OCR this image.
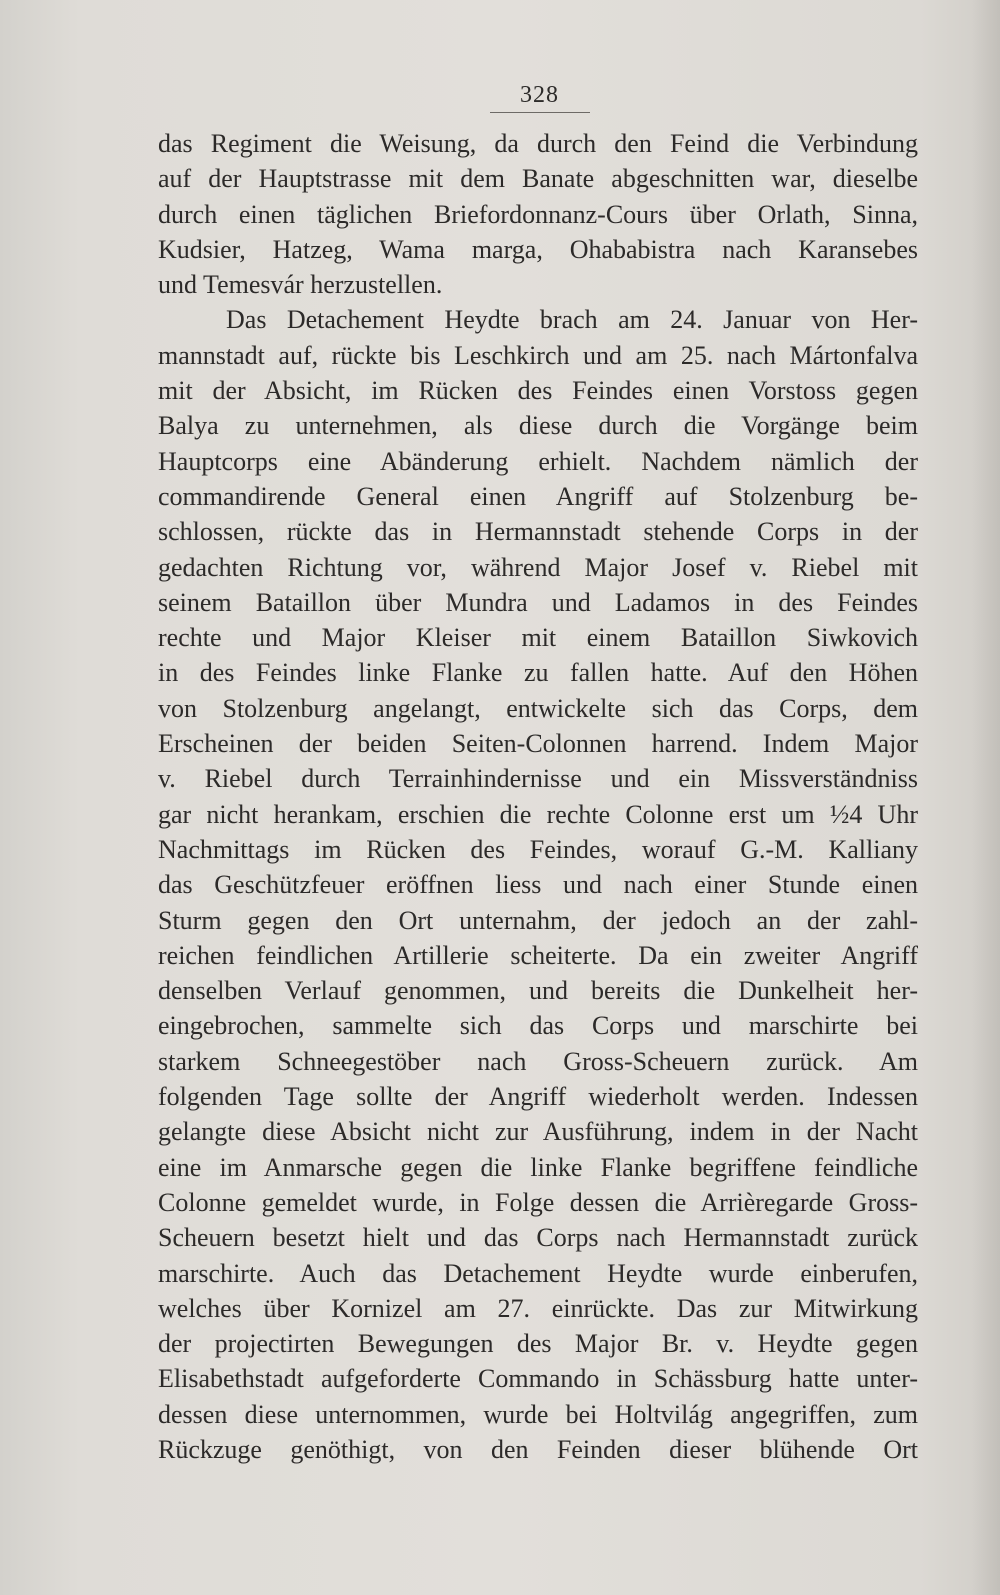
328
das Regiment die Weisung, da durch den Feind die Verbindung
auf der Hauptstrasse mit dem Banate abgeschnitten war, dieselbe
durch einen täglichen Briefordonnanz-Cours über Orlath, Sinna,
Kudsier, Hatzeg, Wama marga, Ohababistra nach Karansebes
und Temesvár herzustellen.
Das Detachement Heydte brach am 24. Januar von Her-
mannstadt auf, rückte bis Leschkirch und am 25. nach Mártonfalva
mit der Absicht, im Rücken des Feindes einen Vorstoss gegen
Balya zu unternehmen, als diese durch die Vorgänge beim
Hauptcorps eine Abänderung erhielt. Nachdem nämlich der
commandirende General einen Angriff auf Stolzenburg be-
schlossen, rückte das in Hermannstadt stehende Corps in der
gedachten Richtung vor, während Major Josef v. Riebel mit
seinem Bataillon über Mundra und Ladamos in des Feindes
rechte und Major Kleiser mit einem Bataillon Siwkovich
in des Feindes linke Flanke zu fallen hatte. Auf den Höhen
von Stolzenburg angelangt, entwickelte sich das Corps, dem
Erscheinen der beiden Seiten-Colonnen harrend. Indem Major
v. Riebel durch Terrainhindernisse und ein Missverständniss
gar nicht herankam, erschien die rechte Colonne erst um ½4 Uhr
Nachmittags im Rücken des Feindes, worauf G.-M. Kalliany
das Geschützfeuer eröffnen liess und nach einer Stunde einen
Sturm gegen den Ort unternahm, der jedoch an der zahl-
reichen feindlichen Artillerie scheiterte. Da ein zweiter Angriff
denselben Verlauf genommen, und bereits die Dunkelheit her-
eingebrochen, sammelte sich das Corps und marschirte bei
starkem Schneegestöber nach Gross-Scheuern zurück. Am
folgenden Tage sollte der Angriff wiederholt werden. Indessen
gelangte diese Absicht nicht zur Ausführung, indem in der Nacht
eine im Anmarsche gegen die linke Flanke begriffene feindliche
Colonne gemeldet wurde, in Folge dessen die Arrièregarde Gross-
Scheuern besetzt hielt und das Corps nach Hermannstadt zurück
marschirte. Auch das Detachement Heydte wurde einberufen,
welches über Kornizel am 27. einrückte. Das zur Mitwirkung
der projectirten Bewegungen des Major Br. v. Heydte gegen
Elisabethstadt aufgeforderte Commando in Schässburg hatte unter-
dessen diese unternommen, wurde bei Holtvilág angegriffen, zum
Rückzuge genöthigt, von den Feinden dieser blühende Ort
